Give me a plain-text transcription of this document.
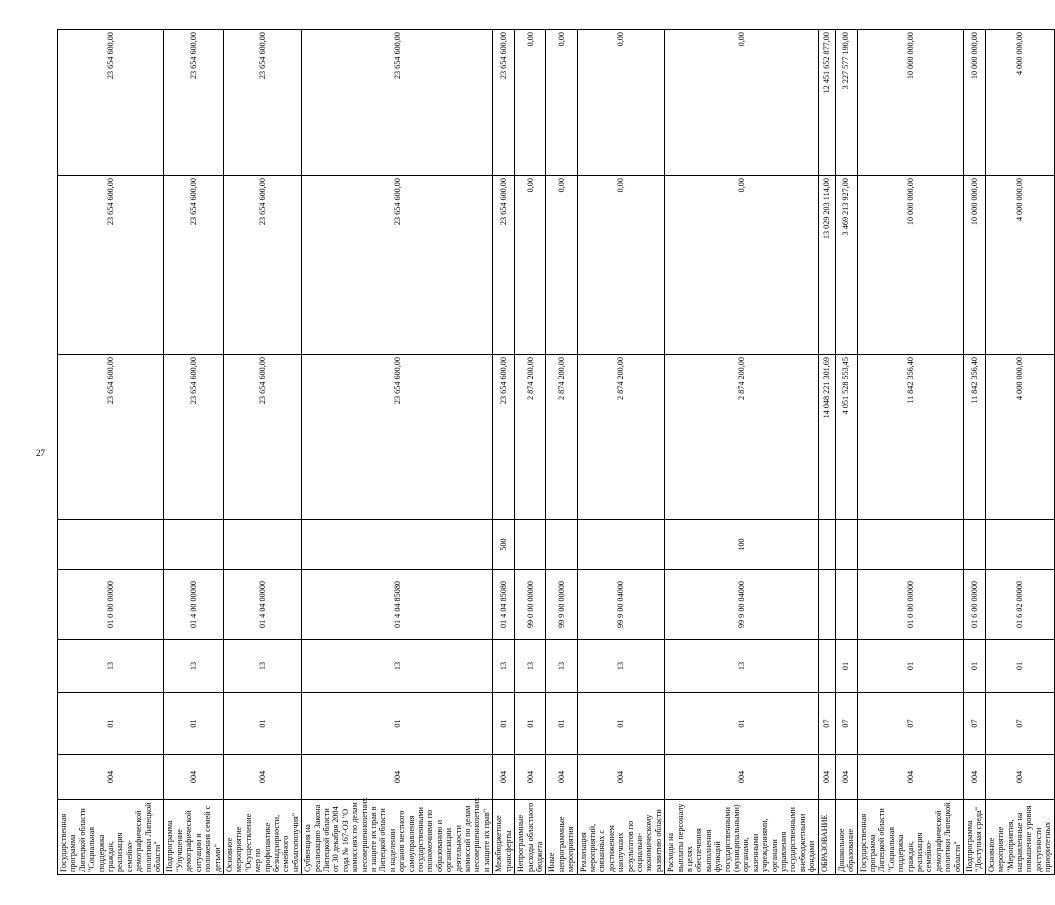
27
Государственная программа Липецкой области "Социальная поддержка граждан, реализация семейно-демографической политики Липецкой области"	004	01	13	01 0 00 00000		23 654 600,00	23 654 600,00	23 654 600,00
Подпрограмма "Улучшение демографической ситуации и положения семей с детьми"	004	01	13	01 4 00 00000		23 654 600,00	23 654 600,00	23 654 600,00
Основное мероприятие "Осуществление мер по профилактике безнадзорности, семейного неблагополучия"	004	01	13	01 4 04 00000		23 654 600,00	23 654 600,00	23 654 600,00
Субвенция на реализацию Закона Липецкой области от 30 декабря 2004 года № 167-ОЗ "О комиссиях по делам несовершеннолетних и защите их прав в Липецкой области и наделении органов местного самоуправления государственными полномочиями по образованию и организации деятельности комиссий по делам несовершеннолетних и защите их прав"	004	01	13	01 4 04 85080		23 654 600,00	23 654 600,00	23 654 600,00
Межбюджетные трансферты	004	01	13	01 4 04 85080	500	23 654 600,00	23 654 600,00	23 654 600,00
Непрограммные расходы областного бюджета	004	01	13	99 0 00 00000		2 874 200,00	0,00	0,00
Иные непрограммные мероприятия	004	01	13	99 9 00 00000		2 874 200,00	0,00	0,00
Реализация мероприятий, связанных с достижением наилучших результатов по социально-экономическому развитию области	004	01	13	99 9 00 04000		2 874 200,00	0,00	0,00
Расходы на выплаты персоналу в целях обеспечения выполнения функций государственными (муниципальными) органами, казенными учреждениями, органами управления государственными внебюджетными фондами	004	01	13	99 9 00 04000	100	2 874 200,00	0,00	0,00
ОБРАЗОВАНИЕ	004	07				14 048 221 301,69	13 029 203 114,00	12 451 652 877,00
Дошкольное образование	004	07	01			4 051 528 553,45	3 469 213 927,00	3 227 577 190,00
Государственная программа Липецкой области "Социальная поддержка граждан, реализация семейно-демографической политики Липецкой области"	004	07	01	01 0 00 00000		11 842 356,40	10 000 000,00	10 000 000,00
Подпрограмма "Доступная среда"	004	07	01	01 6 00 00000		11 842 356,40	10 000 000,00	10 000 000,00
Основное мероприятие "Мероприятия, направленные на повышение уровня доступности приоритетных	004	07	01	01 6 02 00000		4 000 000,00	4 000 000,00	4 000 000,00
